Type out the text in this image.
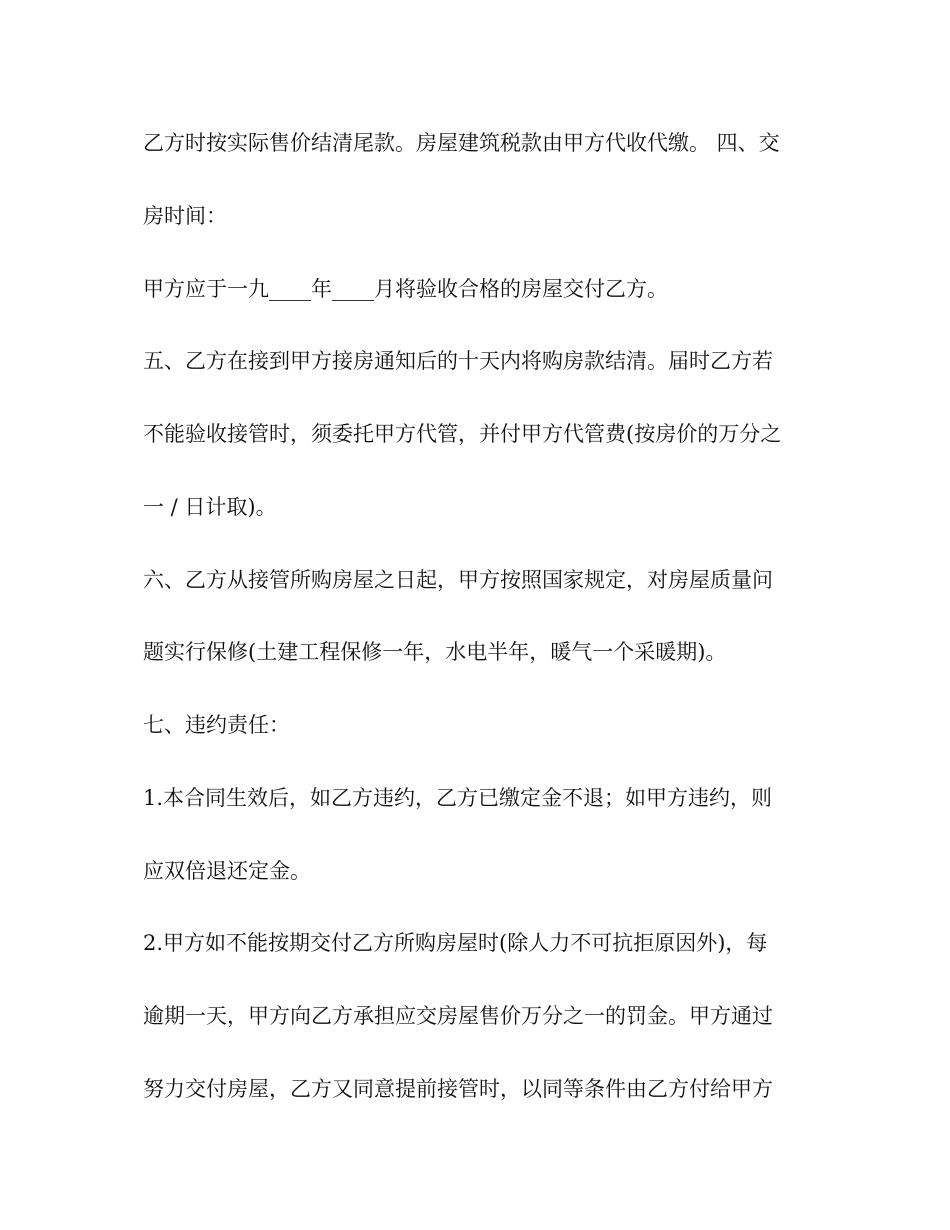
乙方时按实际售价结清尾款。房屋建筑税款由甲方代收代缴。 四、交

房时间：

甲方应于一九____年____月将验收合格的房屋交付乙方。

五、乙方在接到甲方接房通知后的十天内将购房款结清。届时乙方若

不能验收接管时，须委托甲方代管，并付甲方代管费(按房价的万分之

一 / 日计取)。

六、乙方从接管所购房屋之日起，甲方按照国家规定，对房屋质量问

题实行保修(土建工程保修一年，水电半年，暖气一个采暖期)。

七、违约责任：

1.本合同生效后，如乙方违约，乙方已缴定金不退；如甲方违约，则

应双倍退还定金。

2.甲方如不能按期交付乙方所购房屋时(除人力不可抗拒原因外)，每

逾期一天，甲方向乙方承担应交房屋售价万分之一的罚金。甲方通过

努力交付房屋，乙方又同意提前接管时，以同等条件由乙方付给甲方
